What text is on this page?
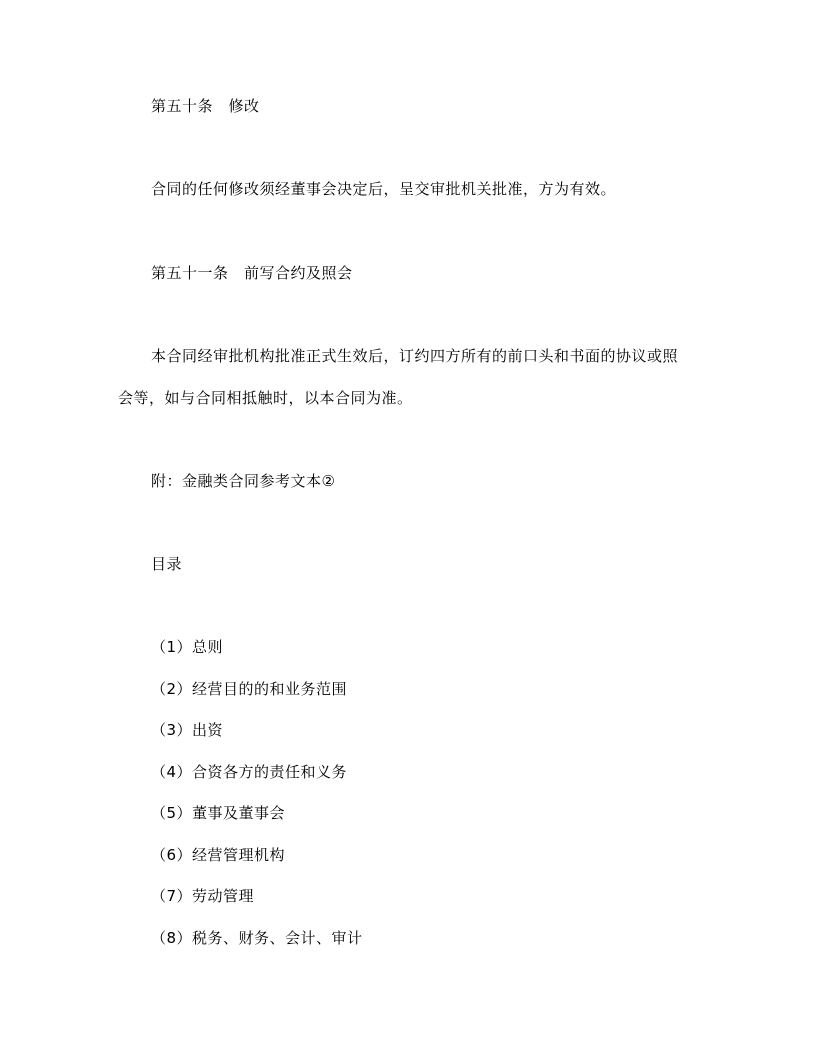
第五十条　修改
合同的任何修改须经董事会决定后，呈交审批机关批准，方为有效。
第五十一条　前写合约及照会
本合同经审批机构批准正式生效后，订约四方所有的前口头和书面的协议或照
会等，如与合同相抵触时，以本合同为准。
附：金融类合同参考文本②
目录
（1）总则
（2）经营目的的和业务范围
（3）出资
（4）合资各方的责任和义务
（5）董事及董事会
（6）经营管理机构
（7）劳动管理
（8）税务、财务、会计、审计
